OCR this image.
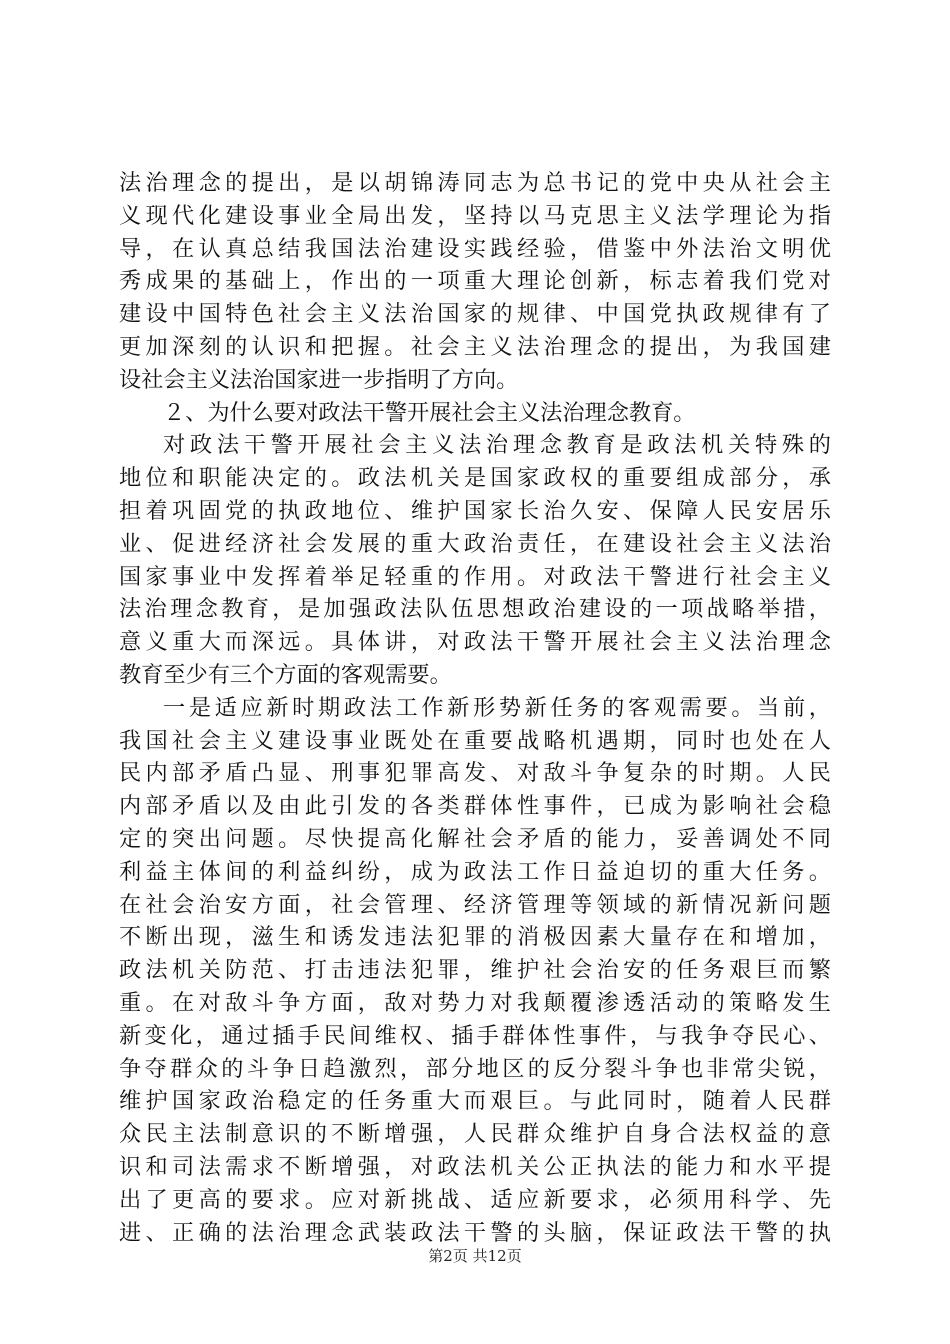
法治理念的提出，是以胡锦涛同志为总书记的党中央从社会主
义现代化建设事业全局出发，坚持以马克思主义法学理论为指
导，在认真总结我国法治建设实践经验，借鉴中外法治文明优
秀成果的基础上，作出的一项重大理论创新，标志着我们党对
建设中国特色社会主义法治国家的规律、中国党执政规律有了
更加深刻的认识和把握。社会主义法治理念的提出，为我国建
设社会主义法治国家进一步指明了方向。
２、为什么要对政法干警开展社会主义法治理念教育。
对政法干警开展社会主义法治理念教育是政法机关特殊的
地位和职能决定的。政法机关是国家政权的重要组成部分，承
担着巩固党的执政地位、维护国家长治久安、保障人民安居乐
业、促进经济社会发展的重大政治责任，在建设社会主义法治
国家事业中发挥着举足轻重的作用。对政法干警进行社会主义
法治理念教育，是加强政法队伍思想政治建设的一项战略举措，
意义重大而深远。具体讲，对政法干警开展社会主义法治理念
教育至少有三个方面的客观需要。
一是适应新时期政法工作新形势新任务的客观需要。当前，
我国社会主义建设事业既处在重要战略机遇期，同时也处在人
民内部矛盾凸显、刑事犯罪高发、对敌斗争复杂的时期。人民
内部矛盾以及由此引发的各类群体性事件，已成为影响社会稳
定的突出问题。尽快提高化解社会矛盾的能力，妥善调处不同
利益主体间的利益纠纷，成为政法工作日益迫切的重大任务。
在社会治安方面，社会管理、经济管理等领域的新情况新问题
不断出现，滋生和诱发违法犯罪的消极因素大量存在和增加，
政法机关防范、打击违法犯罪，维护社会治安的任务艰巨而繁
重。在对敌斗争方面，敌对势力对我颠覆渗透活动的策略发生
新变化，通过插手民间维权、插手群体性事件，与我争夺民心、
争夺群众的斗争日趋激烈，部分地区的反分裂斗争也非常尖锐，
维护国家政治稳定的任务重大而艰巨。与此同时，随着人民群
众民主法制意识的不断增强，人民群众维护自身合法权益的意
识和司法需求不断增强，对政法机关公正执法的能力和水平提
出了更高的要求。应对新挑战、适应新要求，必须用科学、先
进、正确的法治理念武装政法干警的头脑，保证政法干警的执
第2页 共12页
